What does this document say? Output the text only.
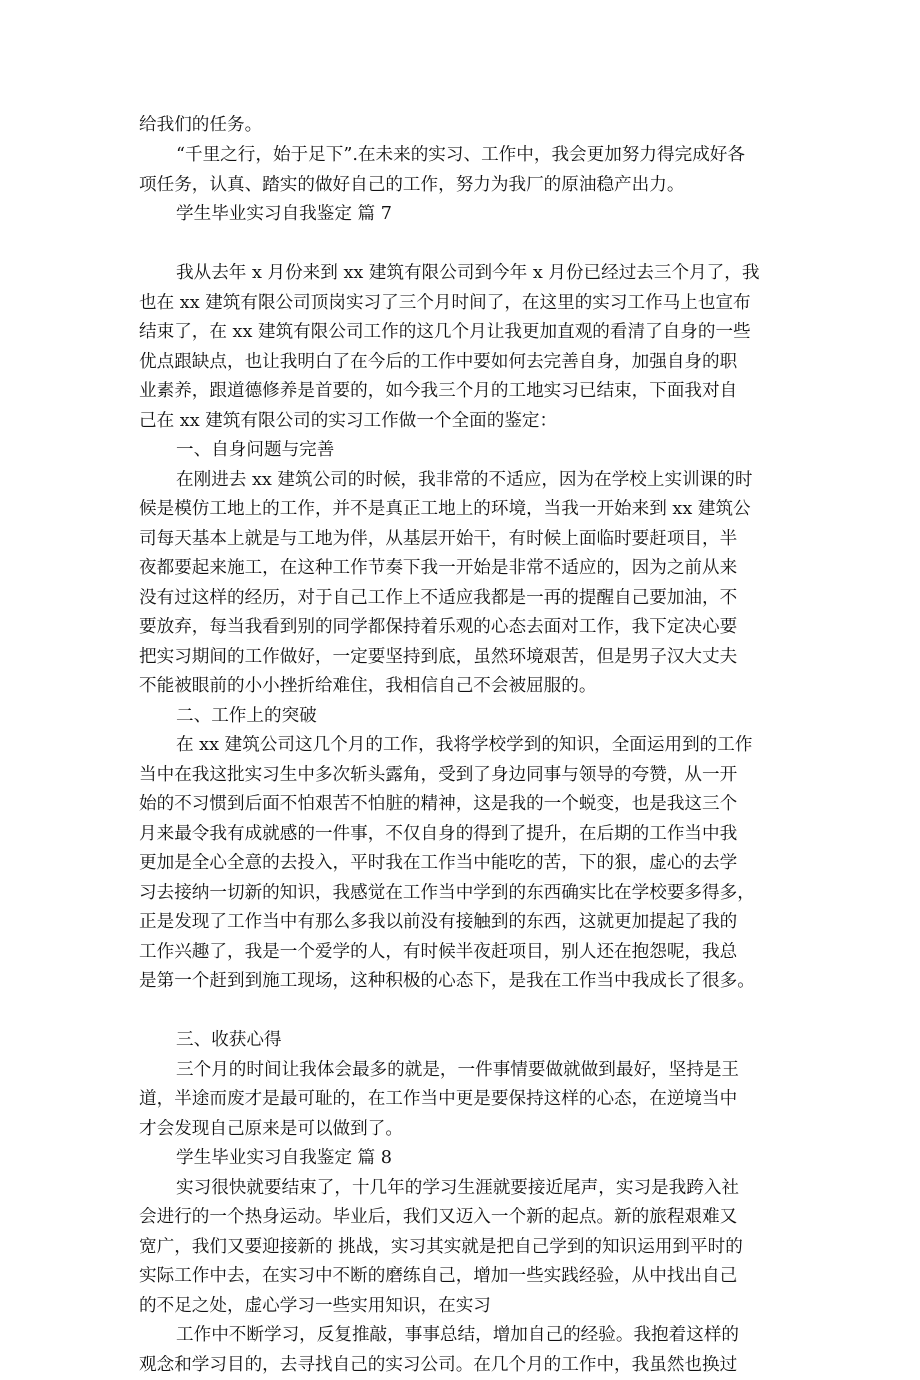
给我们的任务。
“千里之行，始于足下”.在未来的实习、工作中，我会更加努力得完成好各
项任务，认真、踏实的做好自己的工作，努力为我厂的原油稳产出力。
学生毕业实习自我鉴定 篇 7
我从去年 x 月份来到 xx 建筑有限公司到今年 x 月份已经过去三个月了，我
也在 xx 建筑有限公司顶岗实习了三个月时间了，在这里的实习工作马上也宣布
结束了，在 xx 建筑有限公司工作的这几个月让我更加直观的看清了自身的一些
优点跟缺点，也让我明白了在今后的工作中要如何去完善自身，加强自身的职
业素养，跟道德修养是首要的，如今我三个月的工地实习已结束，下面我对自
己在 xx 建筑有限公司的实习工作做一个全面的鉴定：
一、自身问题与完善
在刚进去 xx 建筑公司的时候，我非常的不适应，因为在学校上实训课的时
候是模仿工地上的工作，并不是真正工地上的环境，当我一开始来到 xx 建筑公
司每天基本上就是与工地为伴，从基层开始干，有时候上面临时要赶项目，半
夜都要起来施工，在这种工作节奏下我一开始是非常不适应的，因为之前从来
没有过这样的经历，对于自己工作上不适应我都是一再的提醒自己要加油，不
要放弃，每当我看到别的同学都保持着乐观的心态去面对工作，我下定决心要
把实习期间的工作做好，一定要坚持到底，虽然环境艰苦，但是男子汉大丈夫
不能被眼前的小小挫折给难住，我相信自己不会被屈服的。
二、工作上的突破
在 xx 建筑公司这几个月的工作，我将学校学到的知识，全面运用到的工作
当中在我这批实习生中多次斩头露角，受到了身边同事与领导的夸赞，从一开
始的不习惯到后面不怕艰苦不怕脏的精神，这是我的一个蜕变，也是我这三个
月来最令我有成就感的一件事，不仅自身的得到了提升，在后期的工作当中我
更加是全心全意的去投入，平时我在工作当中能吃的苦，下的狠，虚心的去学
习去接纳一切新的知识，我感觉在工作当中学到的东西确实比在学校要多得多，
正是发现了工作当中有那么多我以前没有接触到的东西，这就更加提起了我的
工作兴趣了，我是一个爱学的人，有时候半夜赶项目，别人还在抱怨呢，我总
是第一个赶到到施工现场，这种积极的心态下，是我在工作当中我成长了很多。
三、收获心得
三个月的时间让我体会最多的就是，一件事情要做就做到最好，坚持是王
道，半途而废才是最可耻的，在工作当中更是要保持这样的心态，在逆境当中
才会发现自己原来是可以做到了。
学生毕业实习自我鉴定 篇 8
实习很快就要结束了，十几年的学习生涯就要接近尾声，实习是我跨入社
会进行的一个热身运动。毕业后，我们又迈入一个新的起点。新的旅程艰难又
宽广，我们又要迎接新的 挑战，实习其实就是把自己学到的知识运用到平时的
实际工作中去，在实习中不断的磨练自己，增加一些实践经验，从中找出自己
的不足之处，虚心学习一些实用知识，在实习
工作中不断学习，反复推敲，事事总结，增加自己的经验。我抱着这样的
观念和学习目的，去寻找自己的实习公司。在几个月的工作中，我虽然也换过
